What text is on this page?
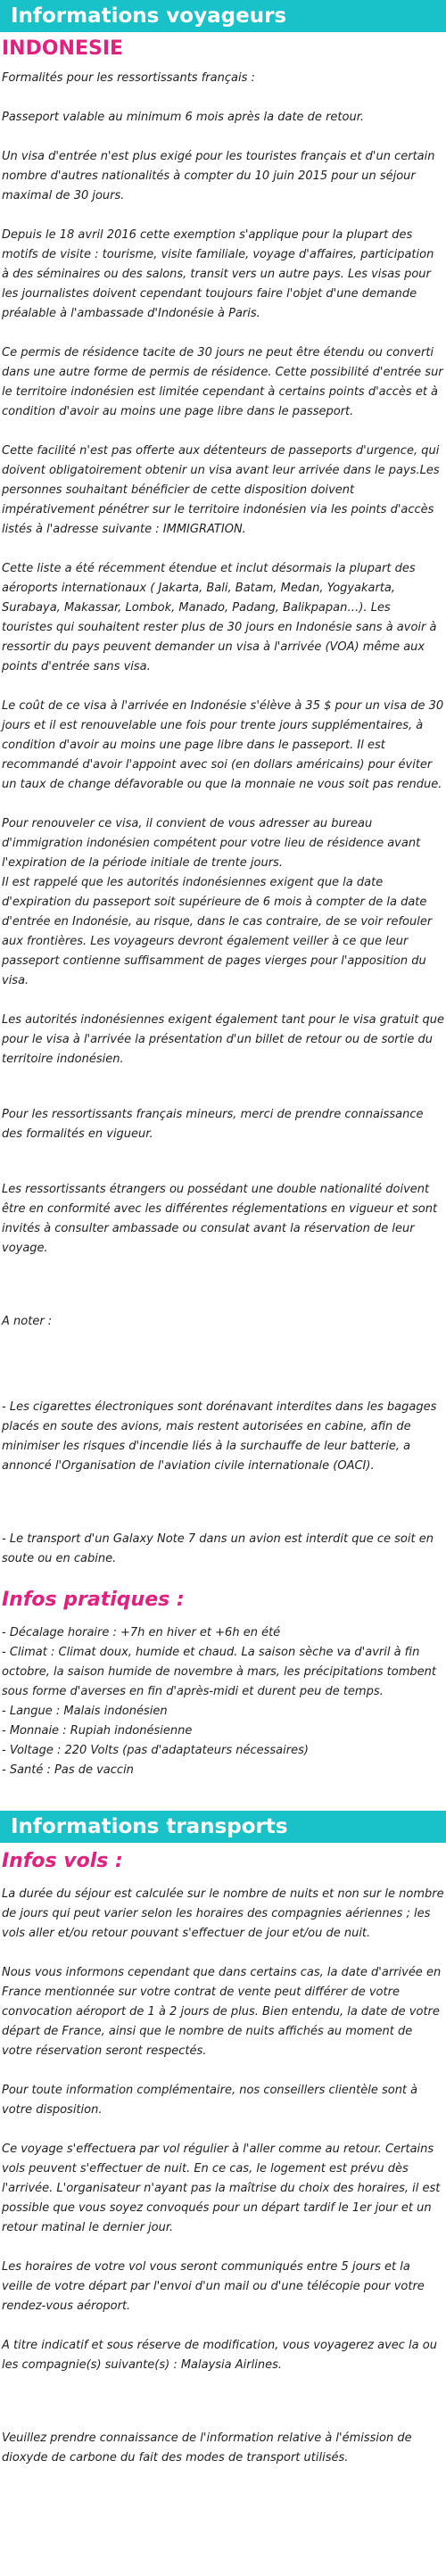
Informations voyageurs
INDONESIE
Formalités pour les ressortissants français :
Passeport valable au minimum 6 mois après la date de retour.
Un visa d'entrée n'est plus exigé pour les touristes français et d'un certain nombre d'autres nationalités à compter du 10 juin 2015 pour un séjour maximal de 30 jours.
Depuis le 18 avril 2016 cette exemption s'applique pour la plupart des motifs de visite : tourisme, visite familiale, voyage d'affaires, participation à des séminaires ou des salons, transit vers un autre pays. Les visas pour les journalistes doivent cependant toujours faire l'objet d'une demande préalable à l'ambassade d'Indonésie à Paris.
Ce permis de résidence tacite de 30 jours ne peut être étendu ou converti dans une autre forme de permis de résidence. Cette possibilité d'entrée sur le territoire indonésien est limitée cependant à certains points d'accès et à condition d'avoir au moins une page libre dans le passeport.
Cette facilité n'est pas offerte aux détenteurs de passeports d'urgence, qui doivent obligatoirement obtenir un visa avant leur arrivée dans le pays.Les personnes souhaitant bénéficier de cette disposition doivent impérativement pénétrer sur le territoire indonésien via les points d'accès listés à l'adresse suivante : IMMIGRATION.
Cette liste a été récemment étendue et inclut désormais la plupart des aéroports internationaux ( Jakarta, Bali, Batam, Medan, Yogyakarta, Surabaya, Makassar, Lombok, Manado, Padang, Balikpapan…). Les touristes qui souhaitent rester plus de 30 jours en Indonésie sans à avoir à ressortir du pays peuvent demander un visa à l'arrivée (VOA) même aux points d'entrée sans visa.
Le coût de ce visa à l'arrivée en Indonésie s'élève à 35 $ pour un visa de 30 jours et il est renouvelable une fois pour trente jours supplémentaires, à condition d'avoir au moins une page libre dans le passeport. Il est recommandé d'avoir l'appoint avec soi (en dollars américains) pour éviter un taux de change défavorable ou que la monnaie ne vous soit pas rendue.
Pour renouveler ce visa, il convient de vous adresser au bureau d'immigration indonésien compétent pour votre lieu de résidence avant l'expiration de la période initiale de trente jours.
Il est rappelé que les autorités indonésiennes exigent que la date d'expiration du passeport soit supérieure de 6 mois à compter de la date d'entrée en Indonésie, au risque, dans le cas contraire, de se voir refouler aux frontières. Les voyageurs devront également veiller à ce que leur passeport contienne suffisamment de pages vierges pour l'apposition du visa.
Les autorités indonésiennes exigent également tant pour le visa gratuit que pour le visa à l'arrivée la présentation d'un billet de retour ou de sortie du territoire indonésien.
Pour les ressortissants français mineurs, merci de prendre connaissance des formalités en vigueur.
Les ressortissants étrangers ou possédant une double nationalité doivent être en conformité avec les différentes réglementations en vigueur et sont invités à consulter ambassade ou consulat avant la réservation de leur voyage.
A noter :
- Les cigarettes électroniques sont dorénavant interdites dans les bagages placés en soute des avions, mais restent autorisées en cabine, afin de minimiser les risques d'incendie liés à la surchauffe de leur batterie, a annoncé l'Organisation de l'aviation civile internationale (OACI).
- Le transport d'un Galaxy Note 7 dans un avion est interdit que ce soit en soute ou en cabine.
Infos pratiques :
- Décalage horaire : +7h en hiver et +6h en été
- Climat : Climat doux, humide et chaud. La saison sèche va d'avril à fin octobre, la saison humide de novembre à mars, les précipitations tombent sous forme d'averses en fin d'après-midi et durent peu de temps.
- Langue : Malais indonésien
- Monnaie : Rupiah indonésienne
- Voltage : 220 Volts (pas d'adaptateurs nécessaires)
- Santé : Pas de vaccin
Informations transports
Infos vols :
La durée du séjour est calculée sur le nombre de nuits et non sur le nombre de jours qui peut varier selon les horaires des compagnies aériennes ; les vols aller et/ou retour pouvant s'effectuer de jour et/ou de nuit.
Nous vous informons cependant que dans certains cas, la date d'arrivée en France mentionnée sur votre contrat de vente peut différer de votre convocation aéroport de 1 à 2 jours de plus. Bien entendu, la date de votre départ de France, ainsi que le nombre de nuits affichés au moment de votre réservation seront respectés.
Pour toute information complémentaire, nos conseillers clientèle sont à votre disposition.
Ce voyage s'effectuera par vol régulier à l'aller comme au retour. Certains vols peuvent s'effectuer de nuit. En ce cas, le logement est prévu dès l'arrivée. L'organisateur n'ayant pas la maîtrise du choix des horaires, il est possible que vous soyez convoqués pour un départ tardif le 1er jour et un retour matinal le dernier jour.
Les horaires de votre vol vous seront communiqués entre 5 jours et la veille de votre départ par l'envoi d'un mail ou d'une télécopie pour votre rendez-vous aéroport.
A titre indicatif et sous réserve de modification, vous voyagerez avec la ou les compagnie(s) suivante(s) : Malaysia Airlines.
Veuillez prendre connaissance de l'information relative à l'émission de dioxyde de carbone du fait des modes de transport utilisés.
